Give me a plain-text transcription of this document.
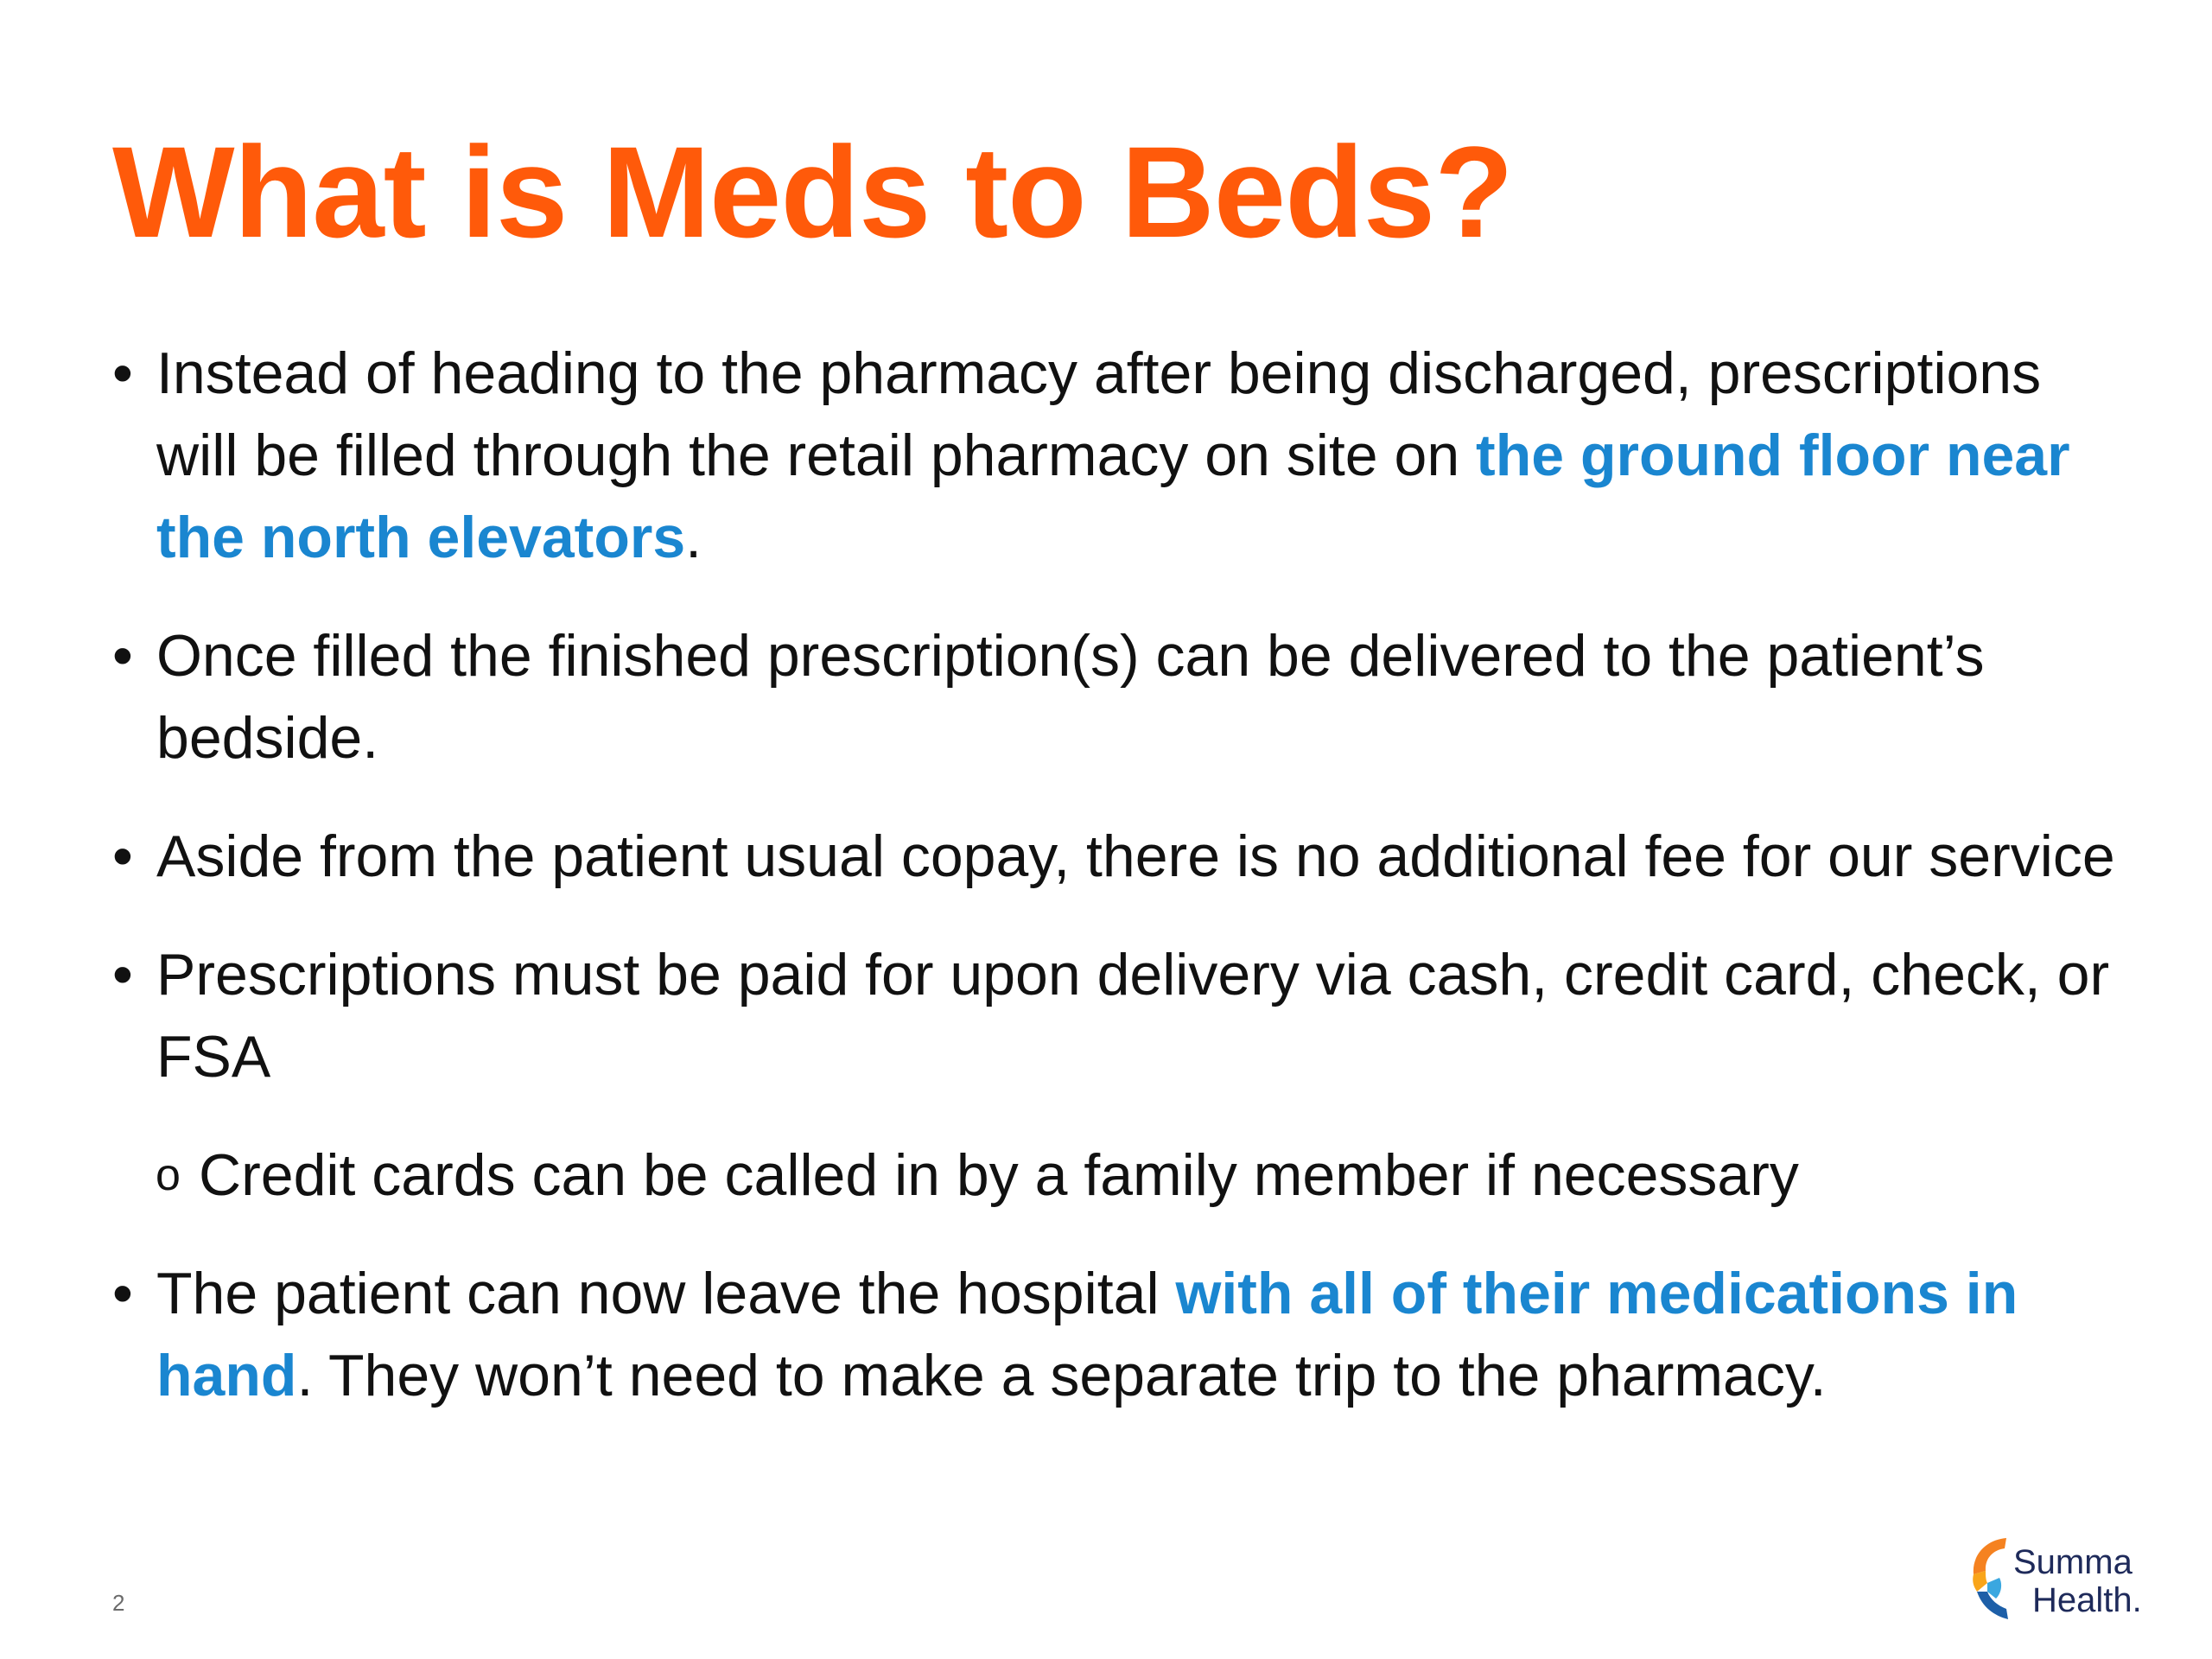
What is Meds to Beds?
• Instead of heading to the pharmacy after being discharged, prescriptions will be filled through the retail pharmacy on site on the ground floor near the north elevators.
• Once filled the finished prescription(s) can be delivered to the patient’s bedside.
• Aside from the patient usual copay, there is no additional fee for our service
• Prescriptions must be paid for upon delivery via cash, credit card, check, or FSA
o Credit cards can be called in by a family member if necessary
• The patient can now leave the hospital with all of their medications in hand. They won’t need to make a separate trip to the pharmacy.
2
Summa
Health.
